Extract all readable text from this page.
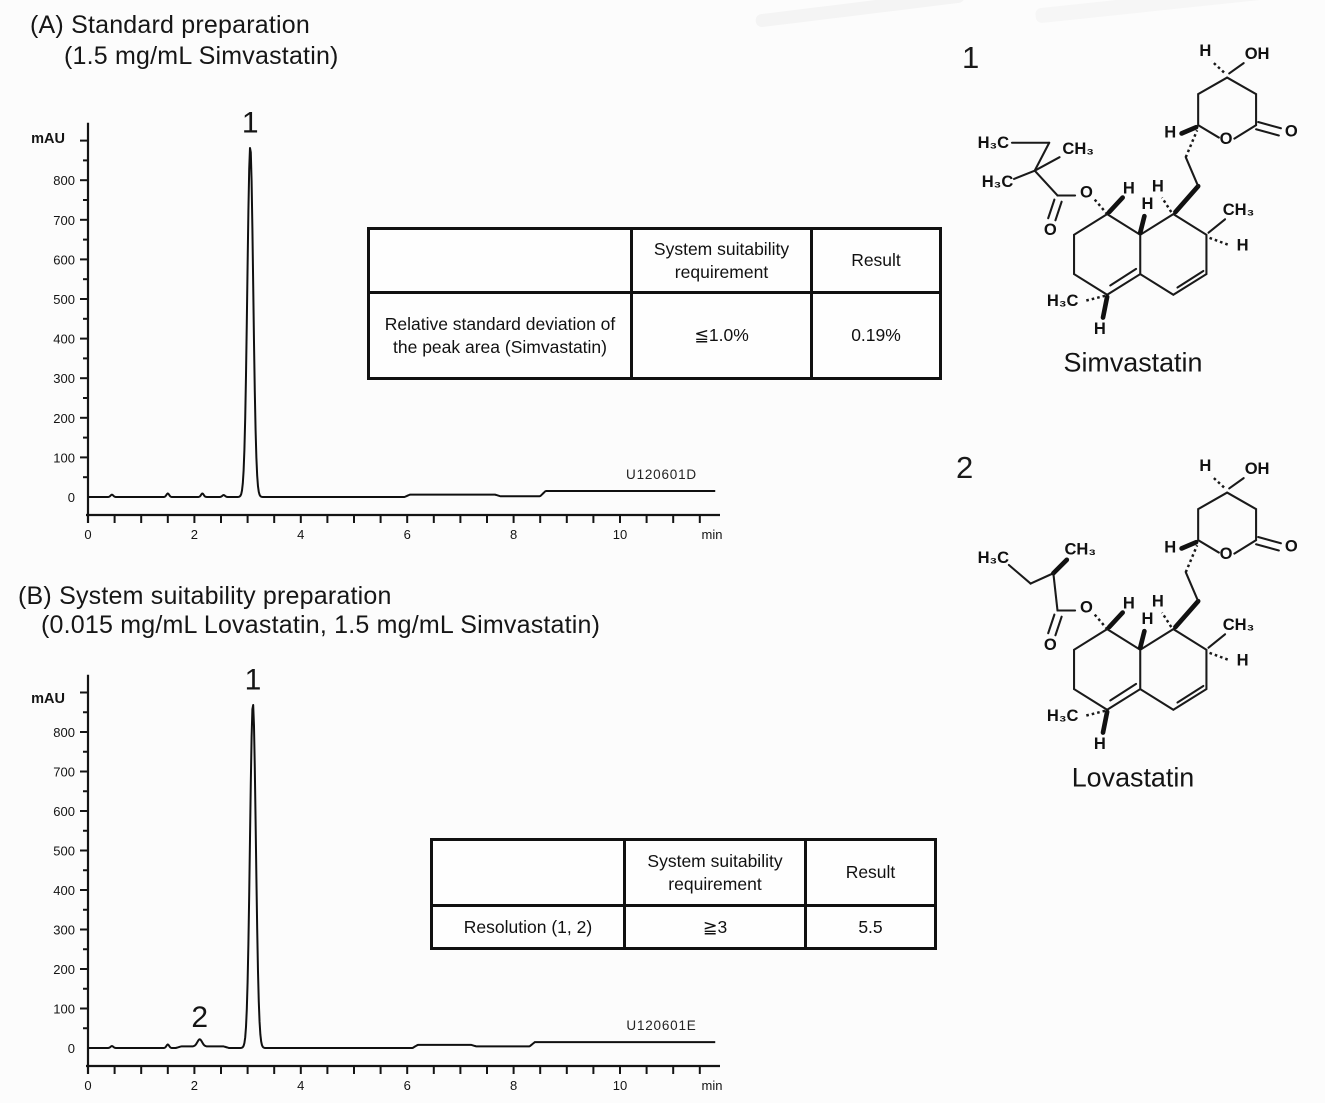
(A) Standard preparation
(1.5 mg/mL Simvastatin)
0
100
200
300
400
500
600
700
800
mAU
0	2	4	6	8	10	min
1
U120601D
	System suitability requirement	Result
Relative standard deviation of the peak area (Simvastatin)	≦1.0%	0.19%
(B) System suitability preparation
(0.015 mg/mL Lovastatin, 1.5 mg/mL Simvastatin)
0
100
200
300
400
500
600
700
800
mAU
0	2	4	6	8	10	min
2
1
U120601E
	System suitability requirement	Result
Resolution (1, 2)	≧3	5.5
1
H₃C	CH₃
H₃C
O
O H
H
H
CH₃
H
H₃C
H
O	O
OH
H
H
Simvastatin
2
H₃C	CH₃
O
O H
H
H
CH₃
H
H₃C
H
O	O
OH
H
H
Lovastatin
